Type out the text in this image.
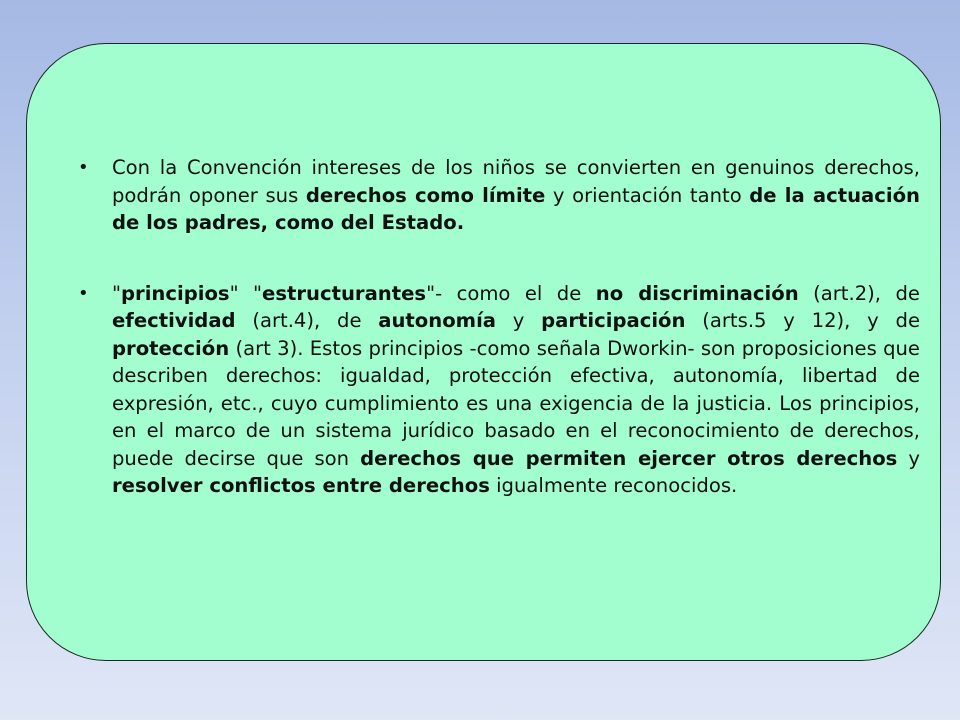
• Con la Convención intereses de los niños se convierten en genuinos derechos, podrán oponer sus derechos como límite y orientación tanto de la actuación de los padres, como del Estado.
• "principios" "estructurantes"- como el de no discriminación (art.2), de efectividad (art.4), de autonomía y participación (arts.5 y 12), y de protección (art 3). Estos principios -como señala Dworkin- son proposiciones que describen derechos: igualdad, protección efectiva, autonomía, libertad de expresión, etc., cuyo cumplimiento es una exigencia de la justicia. Los principios, en el marco de un sistema jurídico basado en el reconocimiento de derechos, puede decirse que son derechos que permiten ejercer otros derechos y resolver conflictos entre derechos igualmente reconocidos.
